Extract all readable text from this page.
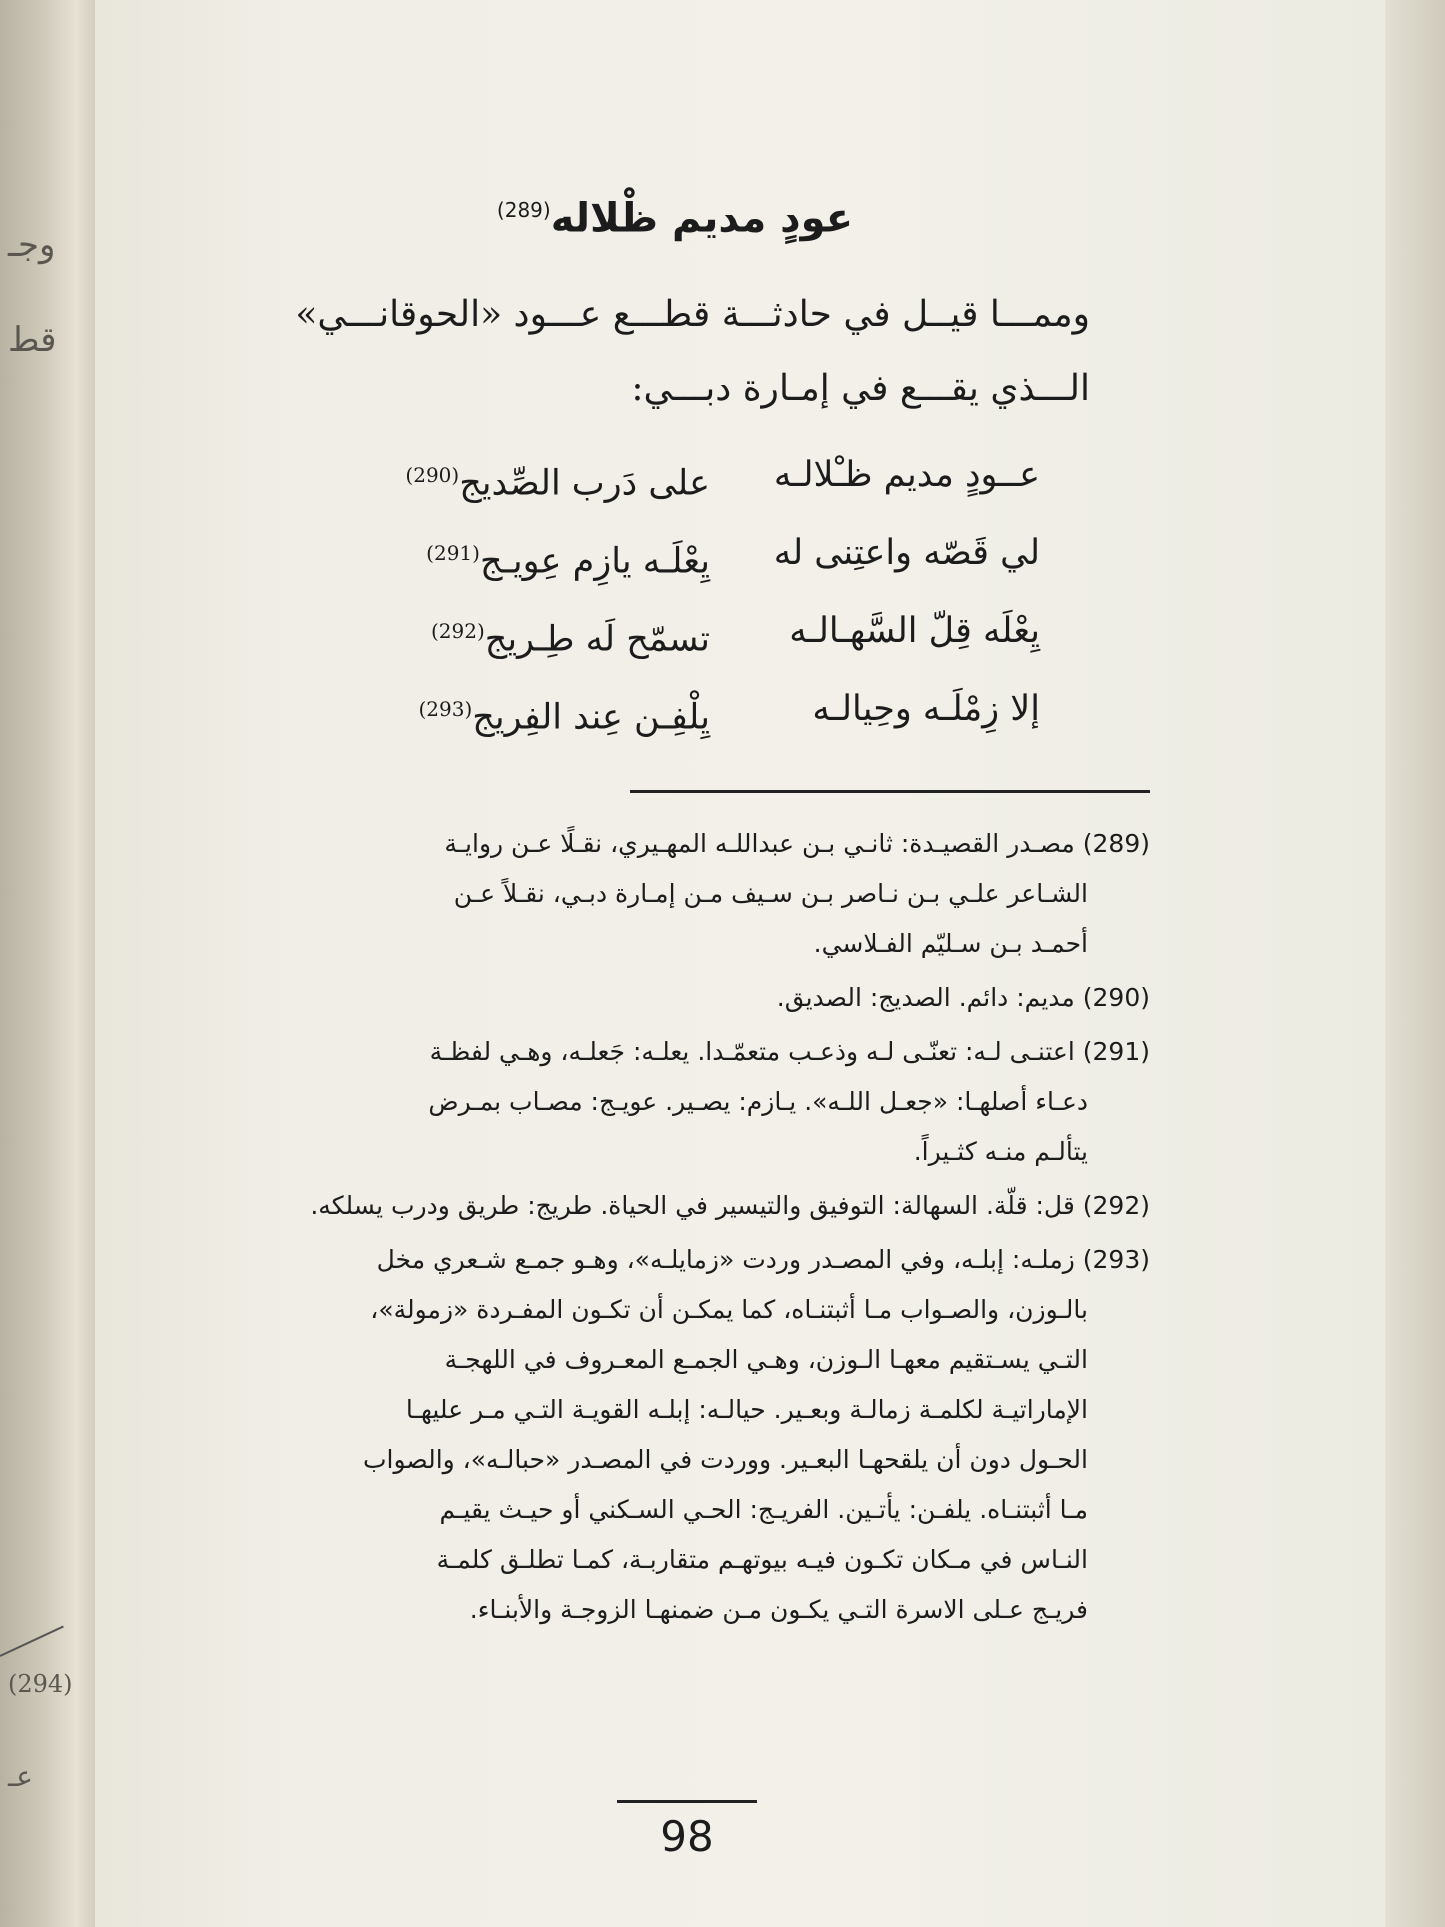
وجـ
قط
(294)
عـ
عودٍ مديم ظْلاله$^{(289)}$

وممـــا قيــل في حادثـــة قطـــع عـــود «الحوقانـــي»
الـــذي يقـــع في إمـارة دبـــي:

عــودٍ مديم ظـْلالـه
على دَرب الصِّديج$^{(290)}$
لي قَصّه واعتِنى له
يِعْلَـه يازِم عِويـج$^{(291)}$
يِعْلَه قِلّ السَّهـالـه
تسمّح لَه طِـريج$^{(292)}$
إلا زِمْلَـه وحِيالـه
يِلْفِـن عِند الفِريج$^{(293)}$
(289) مصـدر القصيـدة: ثانـي بـن عبداللـه المهـيري، نقـلًا عـن روايـة
الشـاعر علـي بـن نـاصر بـن سـيف مـن إمـارة دبـي، نقـلاً عـن
أحمـد بـن سـليّم الفـلاسي.
(290) مديم: دائم. الصديج: الصديق.
(291) اعتنـى لـه: تعنّـى لـه وذعـب متعمّـدا. يعلـه: جَعلـه، وهـي لفظـة
دعـاء أصلهـا: «جعـل اللـه». يـازم: يصـير. عويـج: مصـاب بمـرض
يتألـم منـه كثـيراً.
(292) قل: قلّة. السهالة: التوفيق والتيسير في الحياة. طريج: طريق ودرب يسلكه.
(293) زملـه: إبلـه، وفي المصـدر وردت «زمايلـه»، وهـو جمـع شـعري مخل
بالـوزن، والصـواب مـا أثبتنـاه، كما يمكـن أن تكـون المفـردة «زمولة»،
التـي يسـتقيم معهـا الـوزن، وهـي الجمـع المعـروف في اللهجـة
الإماراتيـة لكلمـة زمالـة وبعـير. حيالـه: إبلـه القويـة التـي مـر عليهـا
الحـول دون أن يلقحهـا البعـير. ووردت في المصـدر «حبالـه»، والصواب
مـا أثبتنـاه. يلفـن: يأتـين. الفريـج: الحـي السـكني أو حيـث يقيـم
النـاس في مـكان تكـون فيـه بيوتهـم متقاربـة، كمـا تطلـق كلمـة
فريـج عـلى الاسرة التـي يكـون مـن ضمنهـا الزوجـة والأبنـاء.
98
